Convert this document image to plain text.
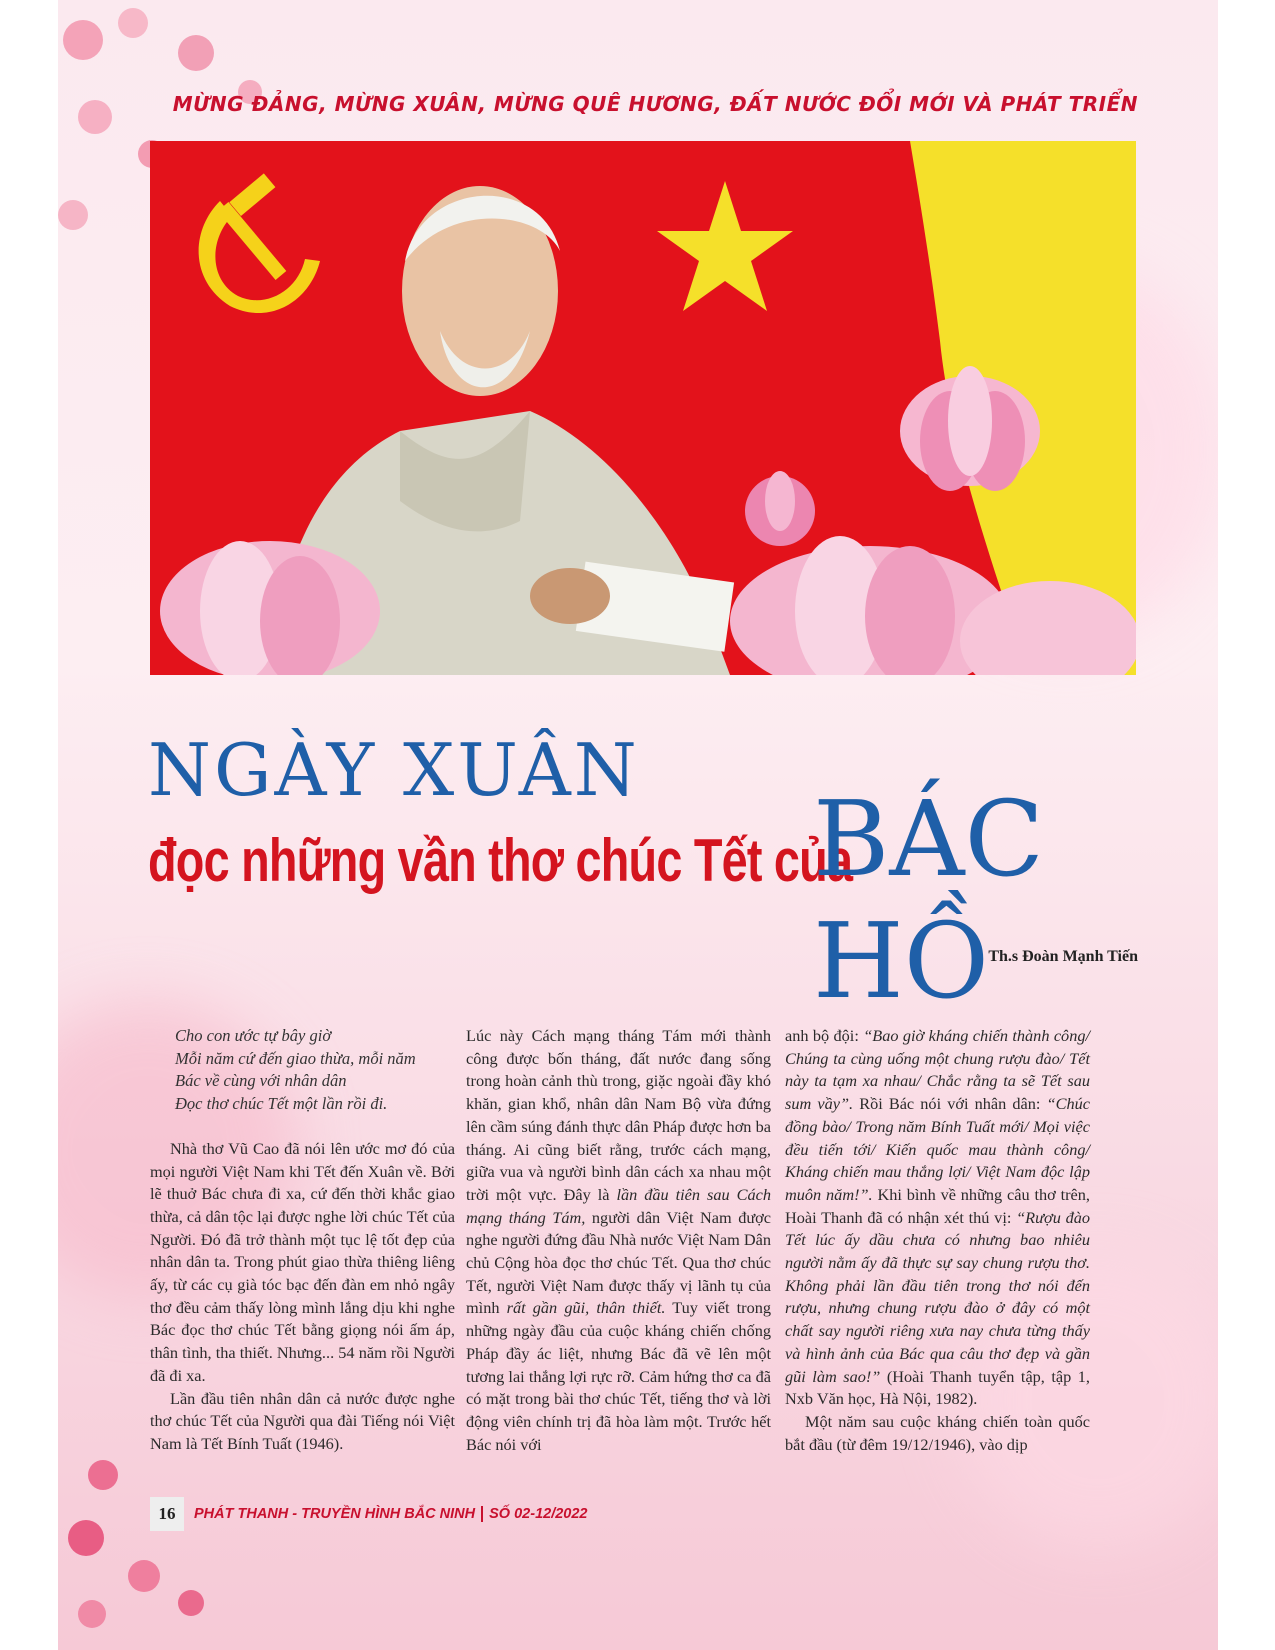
MỪNG ĐẢNG, MỪNG XUÂN, MỪNG QUÊ HƯƠNG, ĐẤT NƯỚC ĐỔI MỚI VÀ PHÁT TRIỂN
NGÀY XUÂN
đọc những vần thơ chúc Tết của
BÁC HỒ Th.s Đoàn Mạnh Tiến
Cho con ước tự bây giờ
Mỗi năm cứ đến giao thừa, mỗi năm
Bác về cùng với nhân dân
Đọc thơ chúc Tết một lần rồi đi.

Nhà thơ Vũ Cao đã nói lên ước mơ đó của mọi người Việt Nam khi Tết đến Xuân về. Bởi lẽ thuở Bác chưa đi xa, cứ đến thời khắc giao thừa, cả dân tộc lại được nghe lời chúc Tết của Người. Đó đã trở thành một tục lệ tốt đẹp của nhân dân ta. Trong phút giao thừa thiêng liêng ấy, từ các cụ già tóc bạc đến đàn em nhỏ ngây thơ đều cảm thấy lòng mình lắng dịu khi nghe Bác đọc thơ chúc Tết bằng giọng nói ấm áp, thân tình, tha thiết. Nhưng... 54 năm rồi Người đã đi xa.

Lần đầu tiên nhân dân cả nước được nghe thơ chúc Tết của Người qua đài Tiếng nói Việt Nam là Tết Bính Tuất (1946).

Lúc này Cách mạng tháng Tám mới thành công được bốn tháng, đất nước đang sống trong hoàn cảnh thù trong, giặc ngoài đầy khó khăn, gian khổ, nhân dân Nam Bộ vừa đứng lên cầm súng đánh thực dân Pháp được hơn ba tháng. Ai cũng biết rằng, trước cách mạng, giữa vua và người bình dân cách xa nhau một trời một vực. Đây là lần đầu tiên sau Cách mạng tháng Tám, người dân Việt Nam được nghe người đứng đầu Nhà nước Việt Nam Dân chủ Cộng hòa đọc thơ chúc Tết. Qua thơ chúc Tết, người Việt Nam được thấy vị lãnh tụ của mình rất gần gũi, thân thiết. Tuy viết trong những ngày đầu của cuộc kháng chiến chống Pháp đầy ác liệt, nhưng Bác đã vẽ lên một tương lai thắng lợi rực rỡ. Cảm hứng thơ ca đã có mặt trong bài thơ chúc Tết, tiếng thơ và lời động viên chính trị đã hòa làm một. Trước hết Bác nói với

anh bộ đội: “Bao giờ kháng chiến thành công/ Chúng ta cùng uống một chung rượu đào/ Tết này ta tạm xa nhau/ Chắc rằng ta sẽ Tết sau sum vầy”. Rồi Bác nói với nhân dân: “Chúc đồng bào/ Trong năm Bính Tuất mới/ Mọi việc đều tiến tới/ Kiến quốc mau thành công/ Kháng chiến mau thắng lợi/ Việt Nam độc lập muôn năm!”. Khi bình về những câu thơ trên, Hoài Thanh đã có nhận xét thú vị: “Rượu đào Tết lúc ấy dầu chưa có nhưng bao nhiêu người nằm ấy đã thực sự say chung rượu thơ. Không phải lần đầu tiên trong thơ nói đến rượu, nhưng chung rượu đào ở đây có một chất say người riêng xưa nay chưa từng thấy và hình ảnh của Bác qua câu thơ đẹp và gần gũi làm sao!” (Hoài Thanh tuyển tập, tập 1, Nxb Văn học, Hà Nội, 1982).

Một năm sau cuộc kháng chiến toàn quốc bắt đầu (từ đêm 19/12/1946), vào dịp

16	PHÁT THANH - TRUYỀN HÌNH BẮC NINH SỐ 02-12/2022
